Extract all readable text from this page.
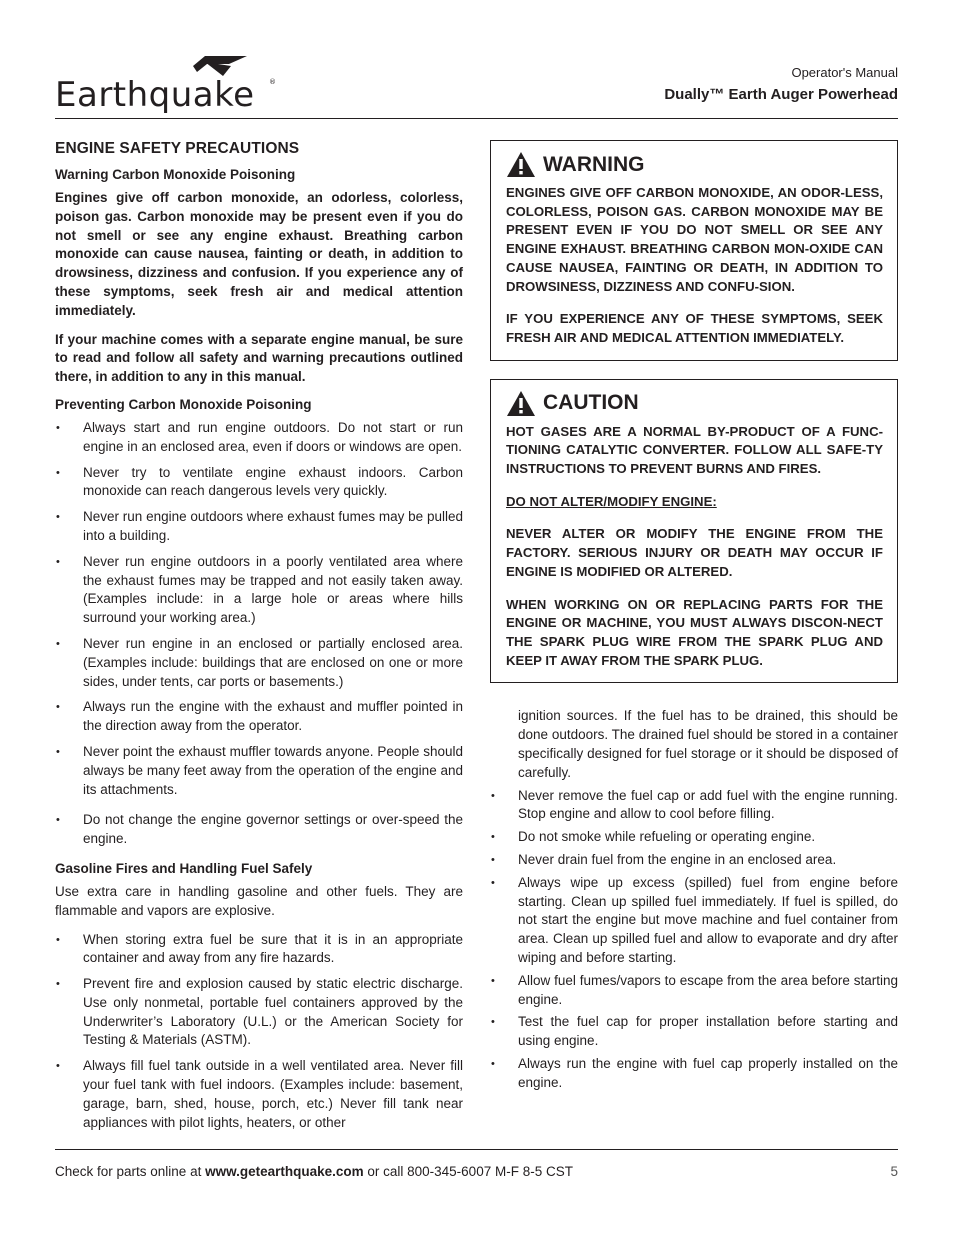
Earthquake ®
Operator's Manual
Dually™ Earth Auger Powerhead
ENGINE SAFETY PRECAUTIONS
Warning Carbon Monoxide Poisoning

Engines give off carbon monoxide, an odorless, colorless, poison gas. Carbon monoxide may be present even if you do not smell or see any engine exhaust. Breathing carbon monoxide can cause nausea, fainting or death, in addition to drowsiness, dizziness and confusion. If you experience any of these symptoms, seek fresh air and medical attention immediately.

If your machine comes with a separate engine manual, be sure to read and follow all safety and warning precautions outlined there, in addition to any in this manual.

Preventing Carbon Monoxide Poisoning
• Always start and run engine outdoors. Do not start or run engine in an enclosed area, even if doors or windows are open.
• Never try to ventilate engine exhaust indoors. Carbon monoxide can reach dangerous levels very quickly.
• Never run engine outdoors where exhaust fumes may be pulled into a building.
• Never run engine outdoors in a poorly ventilated area where the exhaust fumes may be trapped and not easily taken away. (Examples include: in a large hole or areas where hills surround your working area.)
• Never run engine in an enclosed or partially enclosed area. (Examples include: buildings that are enclosed on one or more sides, under tents, car ports or basements.)
• Always run the engine with the exhaust and muffler pointed in the direction away from the operator.
• Never point the exhaust muffler towards anyone. People should always be many feet away from the operation of the engine and its attachments.
• Do not change the engine governor settings or over-speed the engine.
Gasoline Fires and Handling Fuel Safely

Use extra care in handling gasoline and other fuels. They are flammable and vapors are explosive.

• When storing extra fuel be sure that it is in an appropriate container and away from any fire hazards.
• Prevent fire and explosion caused by static electric discharge. Use only nonmetal, portable fuel containers approved by the Underwriter’s Laboratory (U.L.) or the American Society for Testing & Materials (ASTM).
• Always fill fuel tank outside in a well ventilated area. Never fill your fuel tank with fuel indoors. (Examples include: basement, garage, barn, shed, house, porch, etc.) Never fill tank near appliances with pilot lights, heaters, or other
WARNING

ENGINES GIVE OFF CARBON MONOXIDE, AN ODOR-LESS, COLORLESS, POISON GAS. CARBON MONOXIDE MAY BE PRESENT EVEN IF YOU DO NOT SMELL OR SEE ANY ENGINE EXHAUST. BREATHING CARBON MON-OXIDE CAN CAUSE NAUSEA, FAINTING OR DEATH, IN ADDITION TO DROWSINESS, DIZZINESS AND CONFU-SION.

IF YOU EXPERIENCE ANY OF THESE SYMPTOMS, SEEK FRESH AIR AND MEDICAL ATTENTION IMMEDIATELY.

CAUTION

HOT GASES ARE A NORMAL BY-PRODUCT OF A FUNC-TIONING CATALYTIC CONVERTER. FOLLOW ALL SAFE-TY INSTRUCTIONS TO PREVENT BURNS AND FIRES.

DO NOT ALTER/MODIFY ENGINE:

NEVER ALTER OR MODIFY THE ENGINE FROM THE FACTORY. SERIOUS INJURY OR DEATH MAY OCCUR IF ENGINE IS MODIFIED OR ALTERED.

WHEN WORKING ON OR REPLACING PARTS FOR THE ENGINE OR MACHINE, YOU MUST ALWAYS DISCON-NECT THE SPARK PLUG WIRE FROM THE SPARK PLUG AND KEEP IT AWAY FROM THE SPARK PLUG.

ignition sources. If the fuel has to be drained, this should be done outdoors. The drained fuel should be stored in a container specifically designed for fuel storage or it should be disposed of carefully.

• Never remove the fuel cap or add fuel with the engine running. Stop engine and allow to cool before filling.
• Do not smoke while refueling or operating engine.
• Never drain fuel from the engine in an enclosed area.
• Always wipe up excess (spilled) fuel from engine before starting. Clean up spilled fuel immediately. If fuel is spilled, do not start the engine but move machine and fuel container from area. Clean up spilled fuel and allow to evaporate and dry after wiping and before starting.
• Allow fuel fumes/vapors to escape from the area before starting engine.
• Test the fuel cap for proper installation before starting and using engine.
• Always run the engine with fuel cap properly installed on the engine.
Check for parts online at www.getearthquake.com or call 800-345-6007 M-F 8-5 CST	5
